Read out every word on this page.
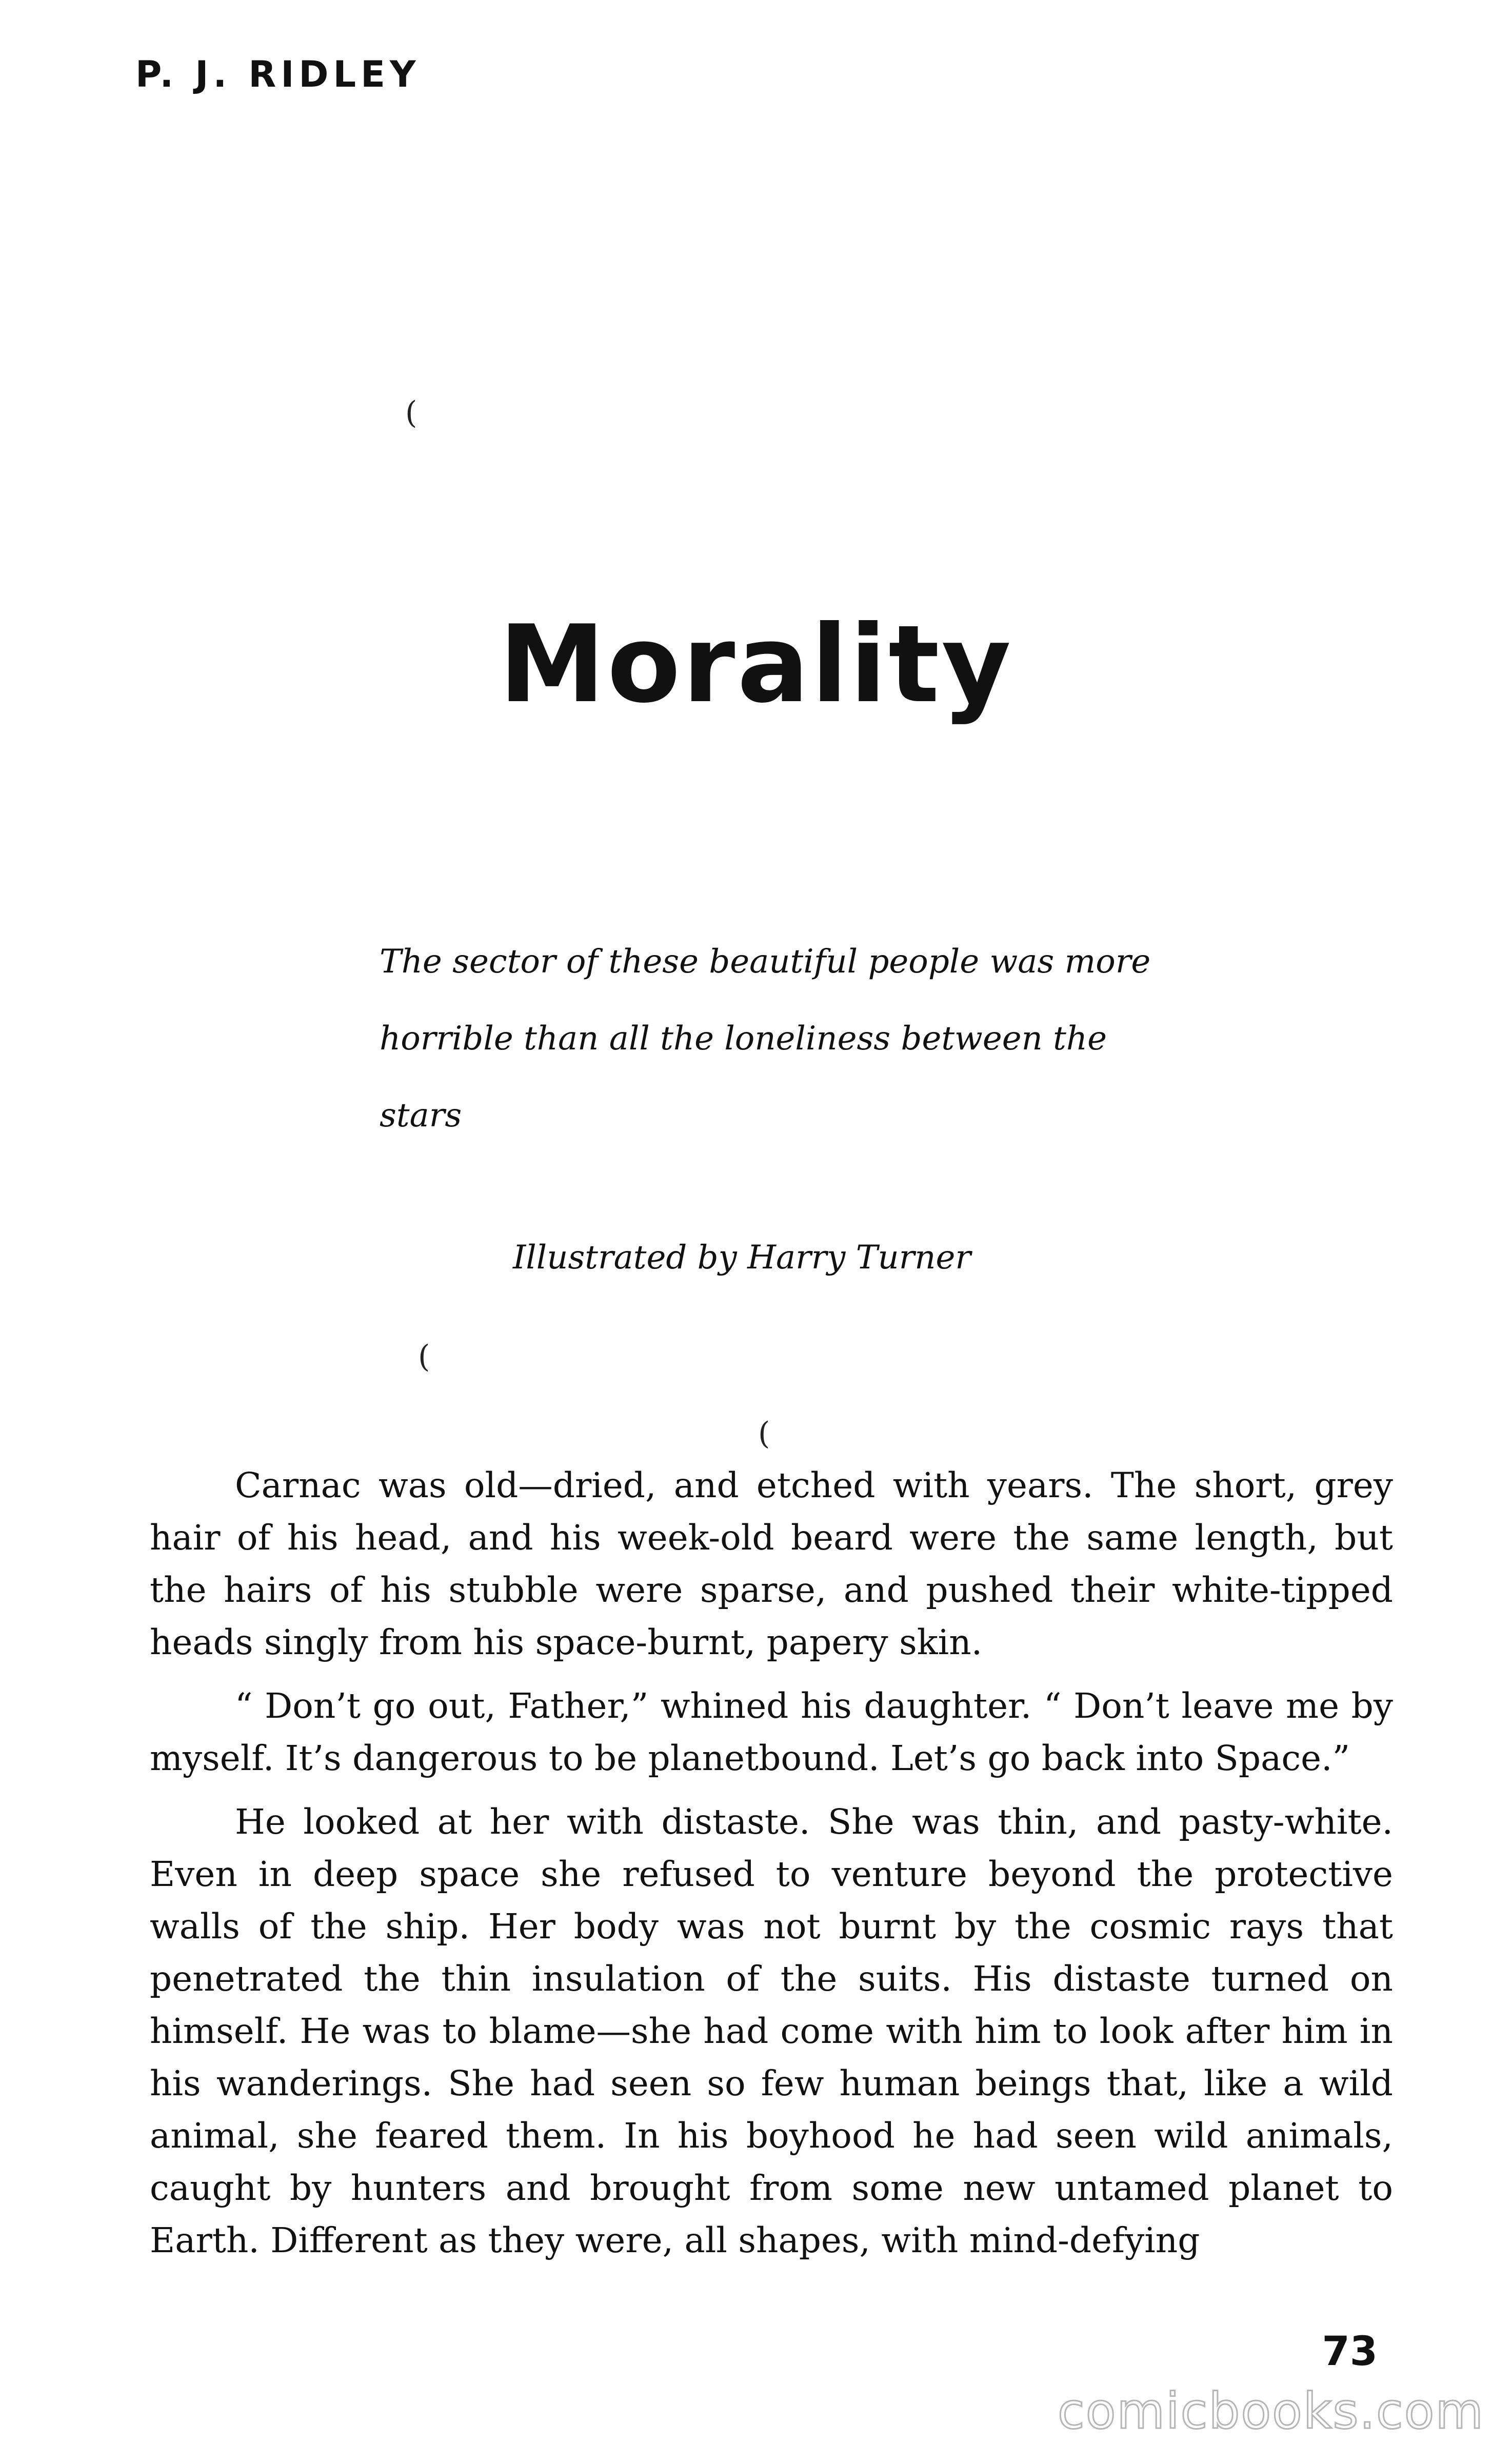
P. J. RIDLEY

(
Morality
The sector of these beautiful people was more
horrible than all the loneliness between the stars

Illustrated by Harry Turner

(
(

Carnac was old—dried, and etched with years. The short, grey hair of his head, and his week-old beard were the same length, but the hairs of his stubble were sparse, and pushed their white-tipped heads singly from his space-burnt, papery skin.

“ Don’t go out, Father,” whined his daughter. “ Don’t leave me by myself. It’s dangerous to be planetbound. Let’s go back into Space.”

He looked at her with distaste. She was thin, and pasty-white. Even in deep space she refused to venture beyond the protective walls of the ship. Her body was not burnt by the cosmic rays that penetrated the thin insulation of the suits. His distaste turned on himself. He was to blame—she had come with him to look after him in his wanderings. She had seen so few human beings that, like a wild animal, she feared them. In his boyhood he had seen wild animals, caught by hunters and brought from some new untamed planet to Earth. Different as they were, all shapes, with mind-defying

73

comicbooks.com
